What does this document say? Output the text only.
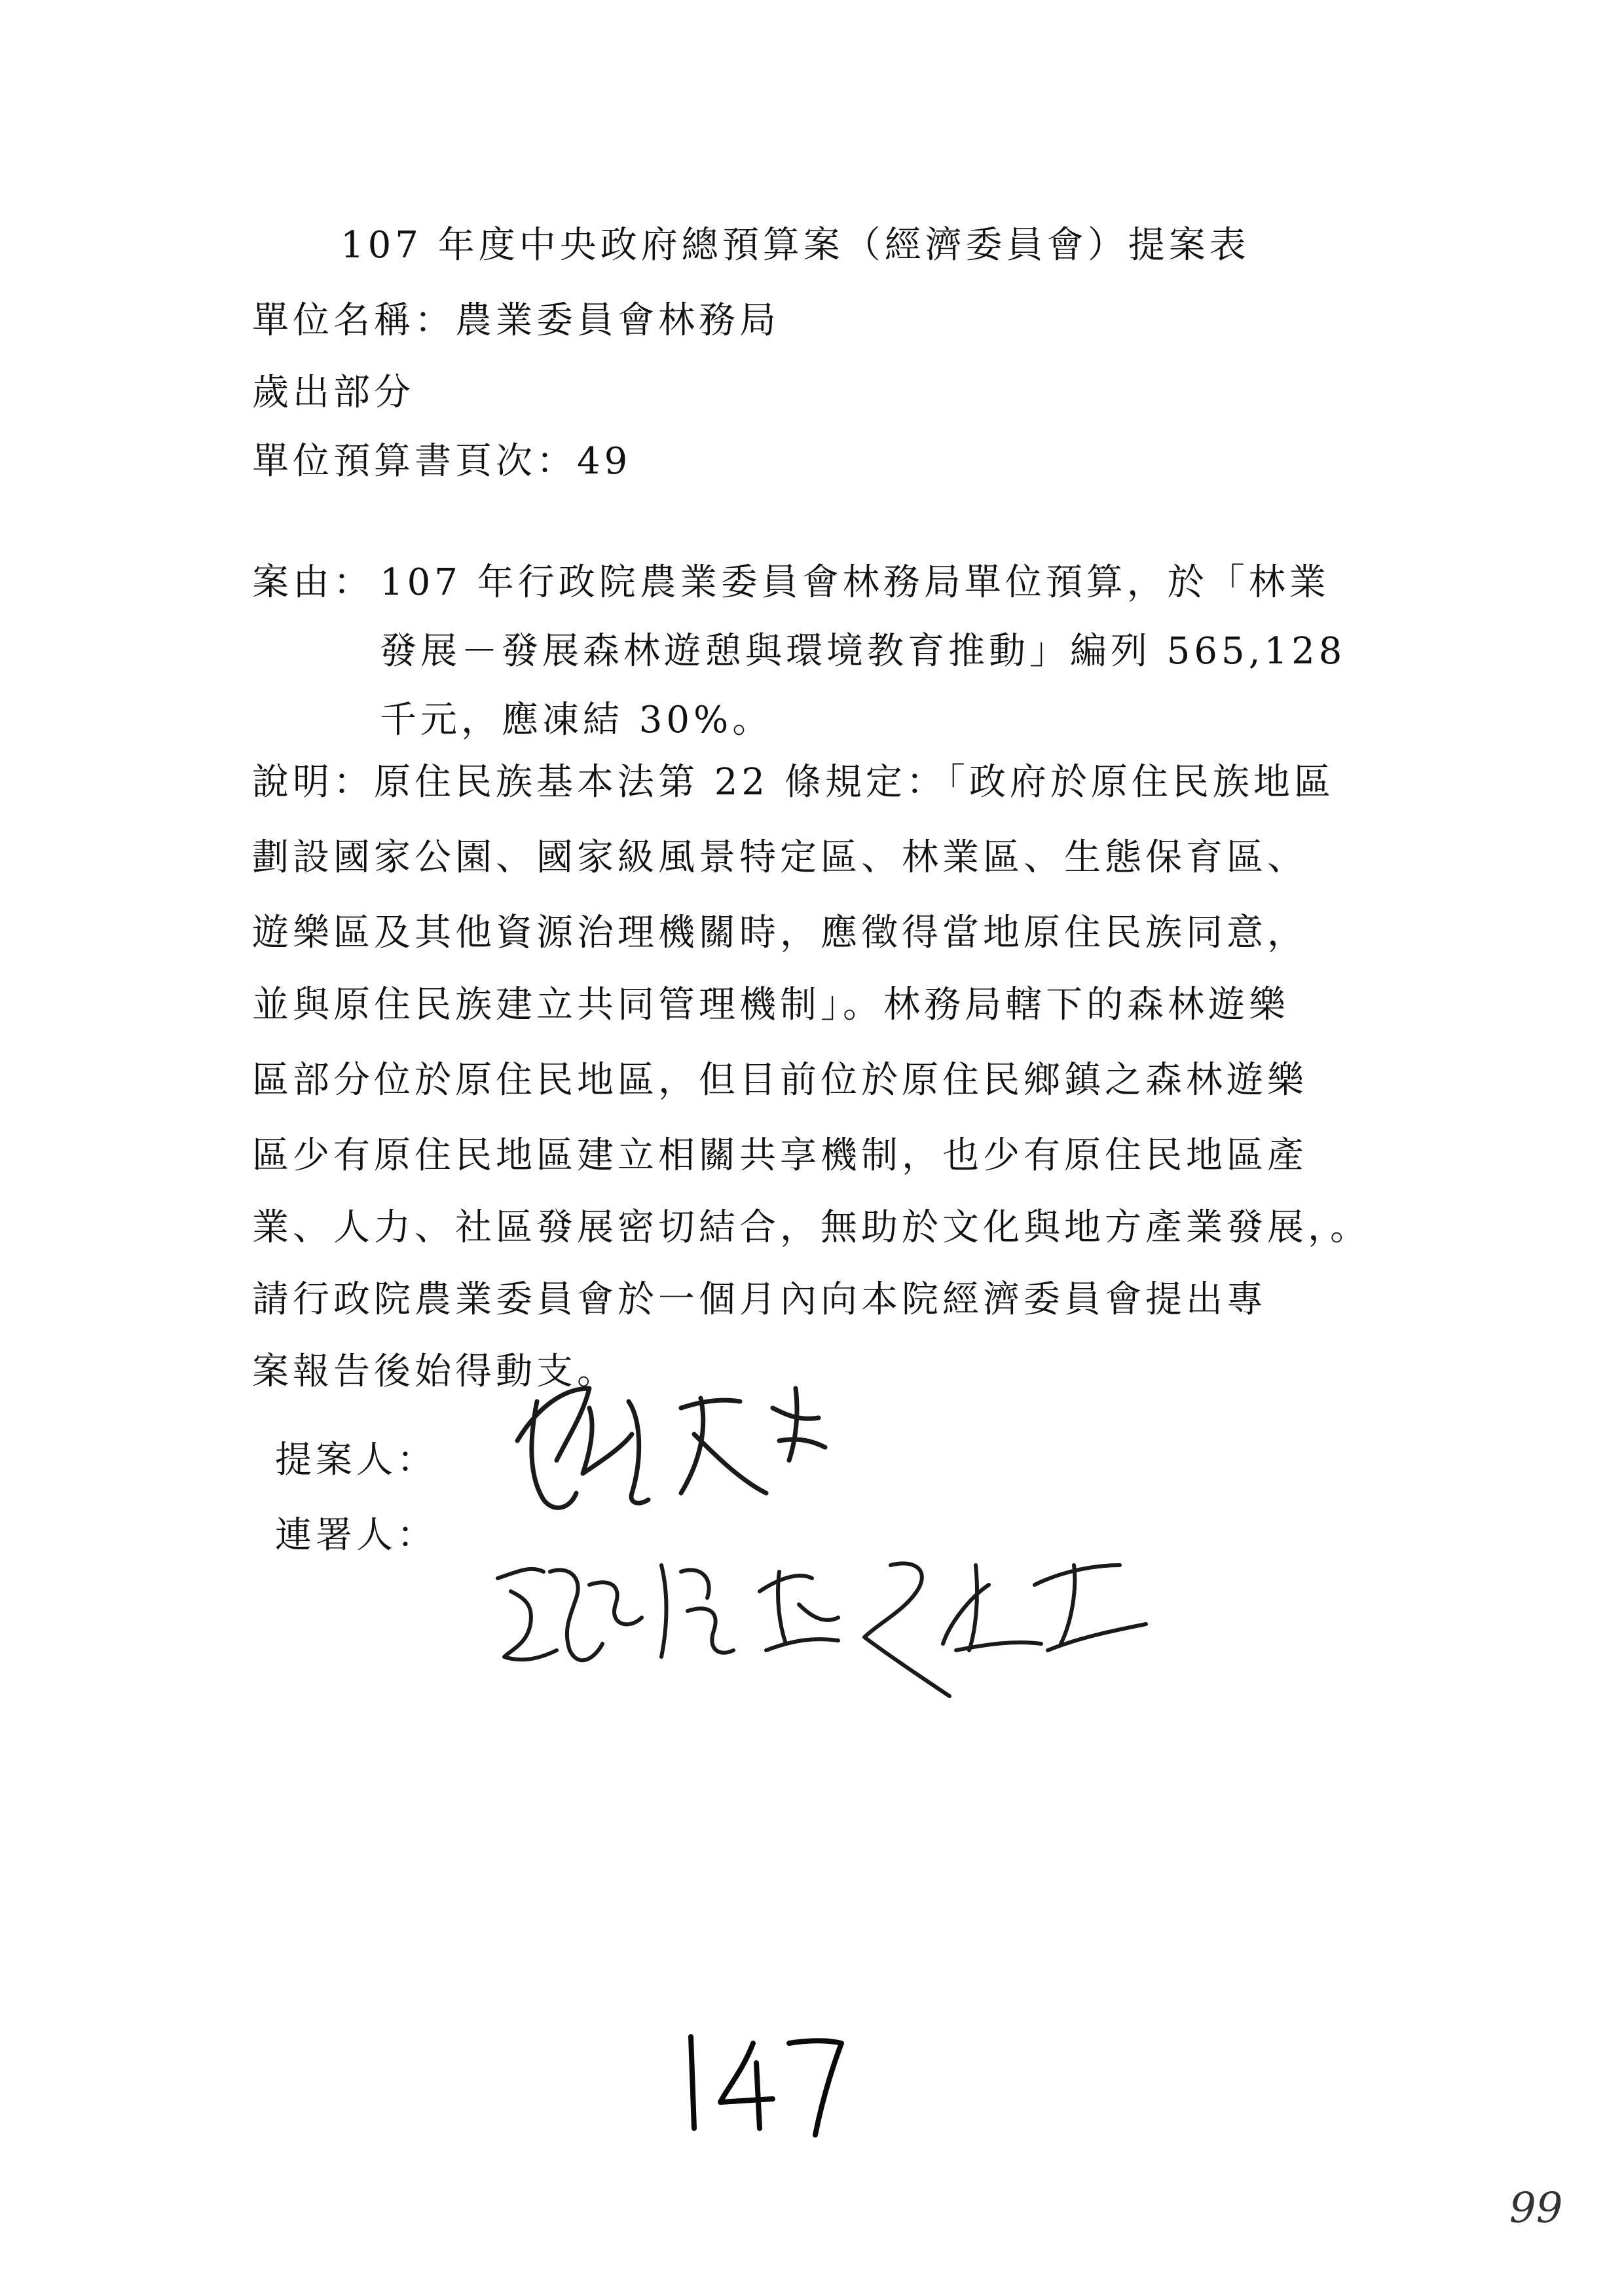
107 年度中央政府總預算案（經濟委員會）提案表
單位名稱：農業委員會林務局
歲出部分
單位預算書頁次：49
案由： 107 年行政院農業委員會林務局單位預算，於「林業
發展－發展森林遊憩與環境教育推動」編列 565,128
千元，應凍結 30%。
說明：原住民族基本法第 22 條規定：「政府於原住民族地區
劃設國家公園、國家級風景特定區、林業區、生態保育區、
遊樂區及其他資源治理機關時，應徵得當地原住民族同意，
並與原住民族建立共同管理機制」。林務局轄下的森林遊樂
區部分位於原住民地區，但目前位於原住民鄉鎮之森林遊樂
區少有原住民地區建立相關共享機制，也少有原住民地區產
業、人力、社區發展密切結合，無助於文化與地方產業發展，。
請行政院農業委員會於一個月內向本院經濟委員會提出專
案報告後始得動支。
提案人：
連署人：
99
